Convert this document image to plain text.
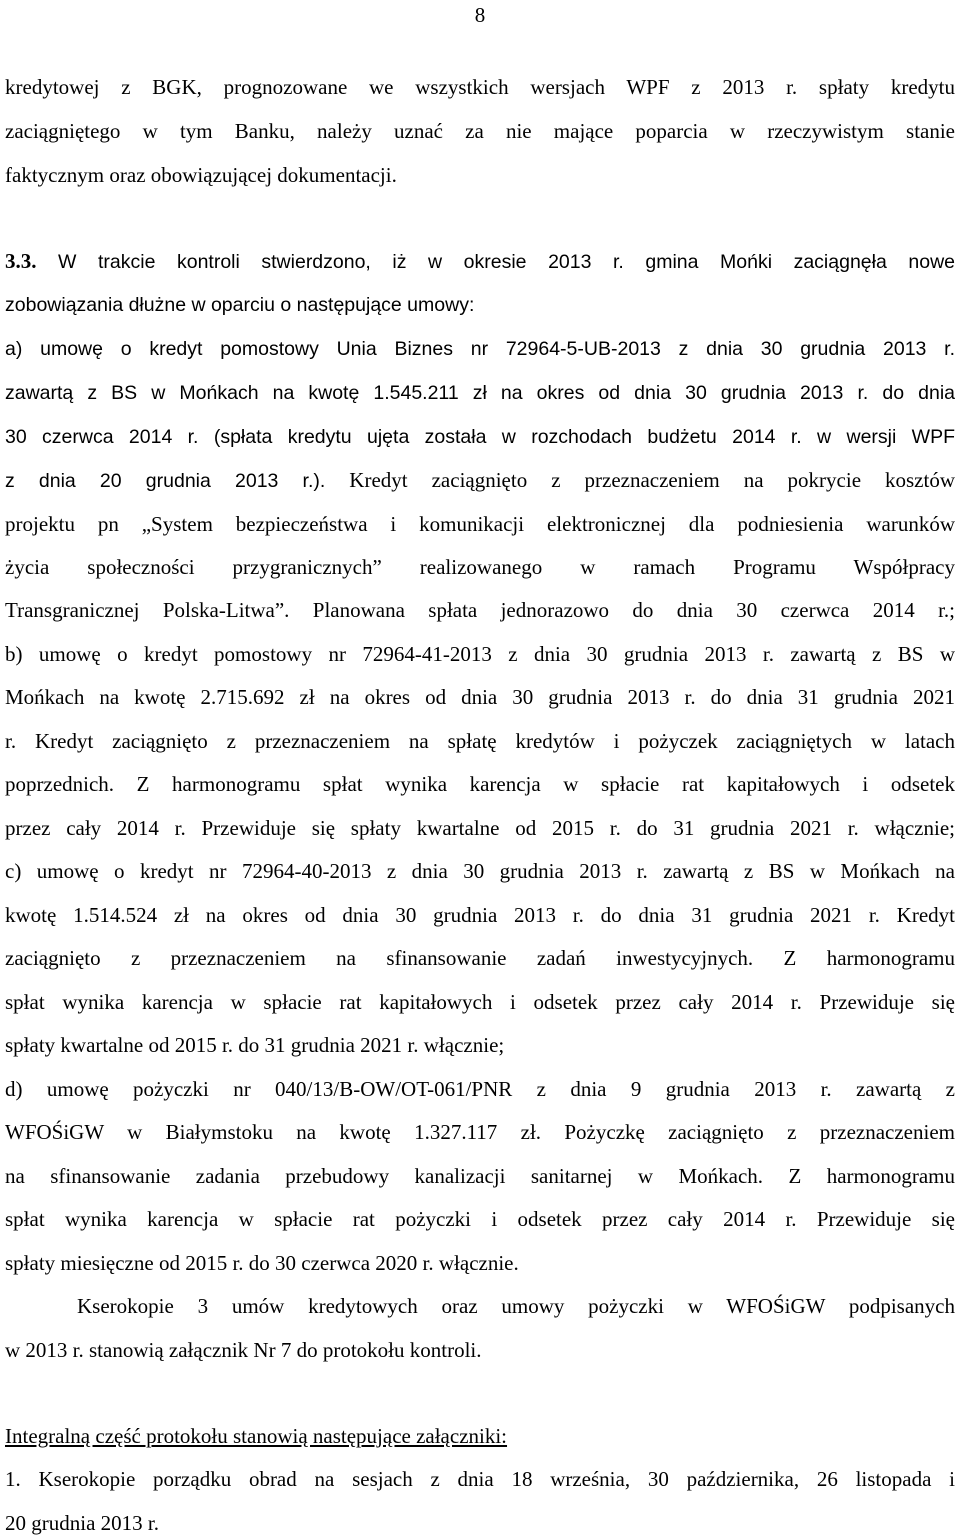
8
kredytowej z BGK, prognozowane we wszystkich wersjach WPF z 2013 r. spłaty kredytu
zaciągniętego w tym Banku, należy uznać za nie mające poparcia w rzeczywistym stanie
faktycznym oraz obowiązującej dokumentacji.
3.3. W trakcie kontroli stwierdzono, iż w okresie 2013 r. gmina Mońki zaciągnęła nowe
zobowiązania dłużne w oparciu o następujące umowy:
a) umowę o kredyt pomostowy Unia Biznes nr 72964-5-UB-2013 z dnia 30 grudnia 2013 r.
zawartą z BS w Mońkach na kwotę 1.545.211 zł na okres od dnia 30 grudnia 2013 r. do dnia
30 czerwca 2014 r. (spłata kredytu ujęta została w rozchodach budżetu 2014 r. w wersji WPF
z dnia 20 grudnia 2013 r.). Kredyt zaciągnięto z przeznaczeniem na pokrycie kosztów
projektu pn „System bezpieczeństwa i komunikacji elektronicznej dla podniesienia warunków
życia społeczności przygranicznych” realizowanego w ramach Programu Współpracy
Transgranicznej Polska-Litwa”. Planowana spłata jednorazowo do dnia 30 czerwca 2014 r.;
b) umowę o kredyt pomostowy nr 72964-41-2013 z dnia 30 grudnia 2013 r. zawartą z BS w
Mońkach na kwotę 2.715.692 zł na okres od dnia 30 grudnia 2013 r. do dnia 31 grudnia 2021
r. Kredyt zaciągnięto z przeznaczeniem na spłatę kredytów i pożyczek zaciągniętych w latach
poprzednich. Z harmonogramu spłat wynika karencja w spłacie rat kapitałowych i odsetek
przez cały 2014 r. Przewiduje się spłaty kwartalne od 2015 r. do 31 grudnia 2021 r. włącznie;
c) umowę o kredyt nr 72964-40-2013 z dnia 30 grudnia 2013 r. zawartą z BS w Mońkach na
kwotę 1.514.524 zł na okres od dnia 30 grudnia 2013 r. do dnia 31 grudnia 2021 r. Kredyt
zaciągnięto z przeznaczeniem na sfinansowanie zadań inwestycyjnych. Z harmonogramu
spłat wynika karencja w spłacie rat kapitałowych i odsetek przez cały 2014 r. Przewiduje się
spłaty kwartalne od 2015 r. do 31 grudnia 2021 r. włącznie;
d) umowę pożyczki nr 040/13/B-OW/OT-061/PNR z dnia 9 grudnia 2013 r. zawartą z
WFOŚiGW w Białymstoku na kwotę 1.327.117 zł. Pożyczkę zaciągnięto z przeznaczeniem
na sfinansowanie zadania przebudowy kanalizacji sanitarnej w Mońkach. Z harmonogramu
spłat wynika karencja w spłacie rat pożyczki i odsetek przez cały 2014 r. Przewiduje się
spłaty miesięczne od 2015 r. do 30 czerwca 2020 r. włącznie.
Kserokopie 3 umów kredytowych oraz umowy pożyczki w WFOŚiGW podpisanych
w 2013 r. stanowią załącznik Nr 7 do protokołu kontroli.
Integralną część protokołu stanowią następujące załączniki:
1. Kserokopie porządku obrad na sesjach z dnia 18 września, 30 października, 26 listopada i
20 grudnia 2013 r.
